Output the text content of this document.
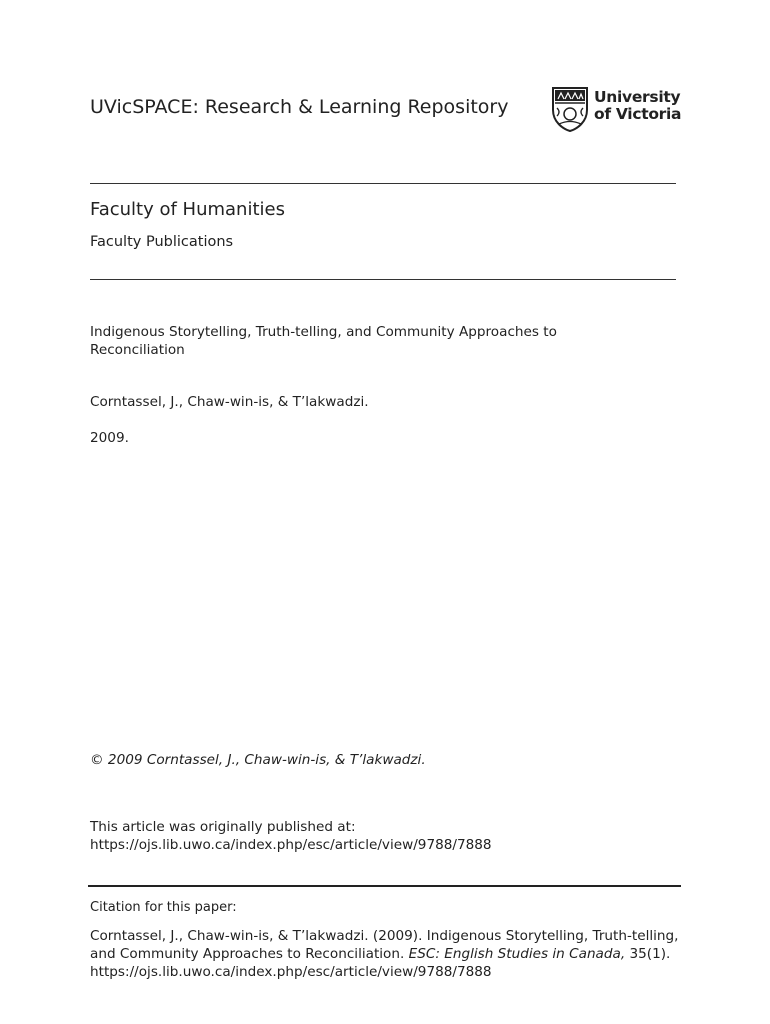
UVicSPACE: Research & Learning Repository	University
of Victoria
Faculty of Humanities
Faculty Publications
Indigenous Storytelling, Truth-telling, and Community Approaches to Reconciliation
Corntassel, J., Chaw-win-is, & T’lakwadzi.
2009.
© 2009 Corntassel, J., Chaw-win-is, & T’lakwadzi.
This article was originally published at:
https://ojs.lib.uwo.ca/index.php/esc/article/view/9788/7888
Citation for this paper:
Corntassel, J., Chaw-win-is, & T’lakwadzi. (2009). Indigenous Storytelling, Truth-telling, and Community Approaches to Reconciliation. ESC: English Studies in Canada, 35(1). https://ojs.lib.uwo.ca/index.php/esc/article/view/9788/7888
